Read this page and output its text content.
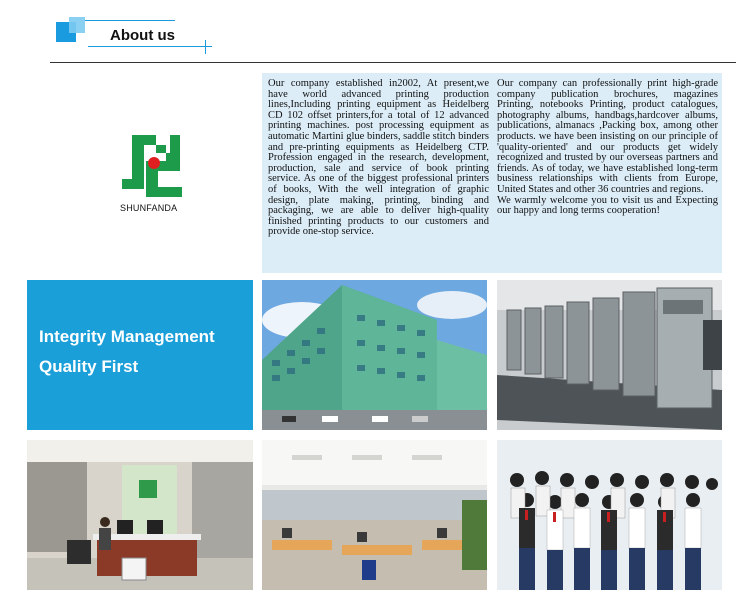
About us
SHUNFANDA

Our company established in2002, At present,we have world advanced printing production lines,Including printing equipment as Heidelberg CD 102 offset printers,for a total of 12 advanced printing machines. post processing equipment as automatic Martini glue binders, saddle stitch binders and pre-printing equipments as Heidelberg CTP. Profession engaged in the research, development, production, sale and service of book printing service. As one of the biggest professional printers of books, With the well integration of graphic design, plate making, printing, binding and packaging, we are able to deliver high-quality finished printing products to our customers and provide one-stop service.

Our company can professionally print high-grade company publication brochures, magazines Printing, notebooks Printing, product catalogues, photography albums, handbags,hardcover albums, publications, almanacs ,Packing box, among other products. we have been insisting on our principle of 'quality-oriented' and our products get widely recognized and trusted by our overseas partners and friends. As of today, we have established long-term business relationships with clients from Europe, United States and other 36 countries and regions.

We warmly welcome you to visit us and Expecting our happy and long terms cooperation!

Integrity Management
Quality First
